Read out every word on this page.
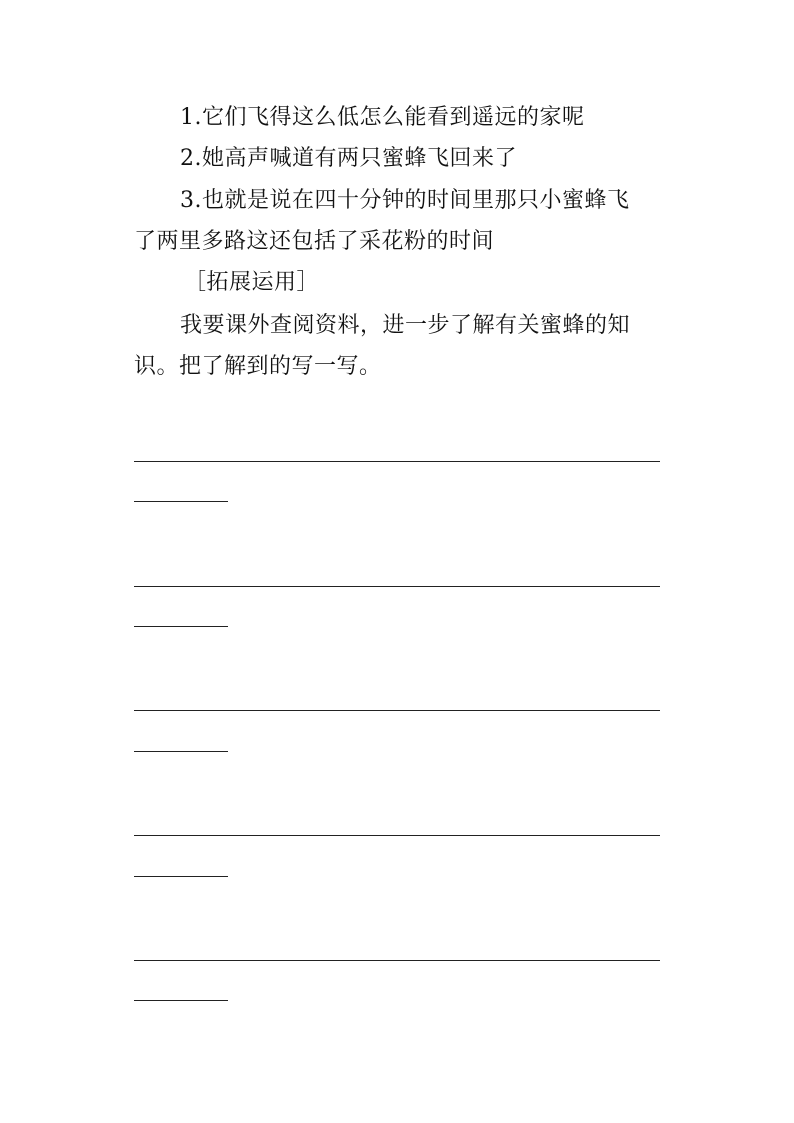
1.它们飞得这么低怎么能看到遥远的家呢
2.她高声喊道有两只蜜蜂飞回来了
3.也就是说在四十分钟的时间里那只小蜜蜂飞
了两里多路这还包括了采花粉的时间
［拓展运用］
我要课外查阅资料，进一步了解有关蜜蜂的知
识。把了解到的写一写。
